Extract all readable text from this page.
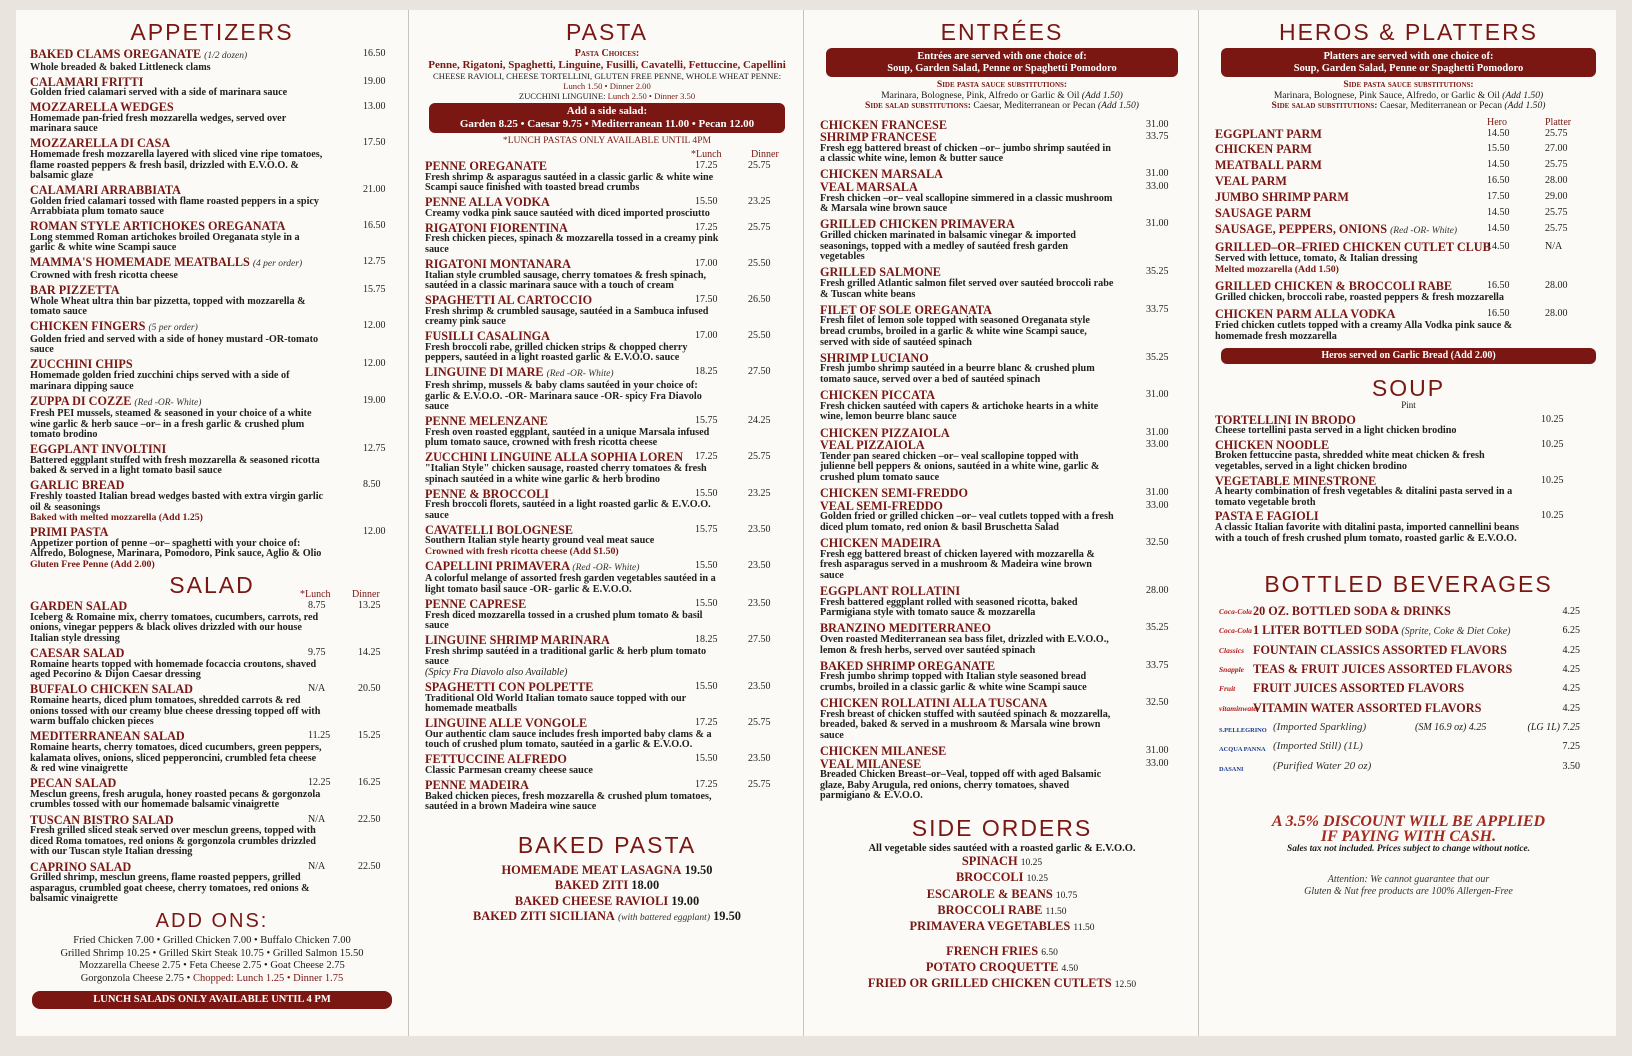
APPETIZERS
BAKED CLAMS OREGANATE (1/2 dozen)
Whole breaded & baked Littleneck clams
16.50
CALAMARI FRITTI
Golden fried calamari served with a side of marinara sauce
19.00
MOZZARELLA WEDGES
Homemade pan-fried fresh mozzarella wedges, served over marinara sauce
13.00
MOZZARELLA DI CASA
Homemade fresh mozzarella layered with sliced vine ripe tomatoes, flame roasted peppers & fresh basil, drizzled with E.V.O.O. & balsamic glaze
17.50
CALAMARI ARRABBIATA
Golden fried calamari tossed with flame roasted peppers in a spicy Arrabbiata plum tomato sauce
21.00
ROMAN STYLE ARTICHOKES OREGANATA
Long stemmed Roman artichokes broiled Oreganata style in a garlic & white wine Scampi sauce
16.50
MAMMA'S HOMEMADE MEATBALLS (4 per order)
Crowned with fresh ricotta cheese
12.75
BAR PIZZETTA
Whole Wheat ultra thin bar pizzetta, topped with mozzarella & tomato sauce
15.75
CHICKEN FINGERS (5 per order)
Golden fried and served with a side of honey mustard -OR-tomato sauce
12.00
ZUCCHINI CHIPS
Homemade golden fried zucchini chips served with a side of marinara dipping sauce
12.00
ZUPPA DI COZZE (Red -OR- White)
Fresh PEI mussels, steamed & seasoned in your choice of a white wine garlic & herb sauce –or– in a fresh garlic & crushed plum tomato brodino
19.00
EGGPLANT INVOLTINI
Battered eggplant stuffed with fresh mozzarella & seasoned ricotta baked & served in a light tomato basil sauce
12.75
GARLIC BREAD
Freshly toasted Italian bread wedges basted with extra virgin garlic oil & seasonings
Baked with melted mozzarella (Add 1.25)
8.50
PRIMI PASTA
Appetizer portion of penne –or– spaghetti with your choice of: Alfredo, Bolognese, Marinara, Pomodoro, Pink sauce, Aglio & Olio
Gluten Free Penne (Add 2.00)
12.00
SALAD	*Lunch Dinner
GARDEN SALAD
Iceberg & Romaine mix, cherry tomatoes, cucumbers, carrots, red onions, vinegar peppers & black olives drizzled with our house Italian style dressing
8.75	13.25
CAESAR SALAD
Romaine hearts topped with homemade focaccia croutons, shaved aged Pecorino & Dijon Caesar dressing
9.75	14.25
BUFFALO CHICKEN SALAD
Romaine hearts, diced plum tomatoes, shredded carrots & red onions tossed with our creamy blue cheese dressing topped off with warm buffalo chicken pieces
N/A	20.50
MEDITERRANEAN SALAD
Romaine hearts, cherry tomatoes, diced cucumbers, green peppers, kalamata olives, onions, sliced pepperoncini, crumbled feta cheese & red wine vinaigrette
11.25	15.25
PECAN SALAD
Mesclun greens, fresh arugula, honey roasted pecans & gorgonzola crumbles tossed with our homemade balsamic vinaigrette
12.25	16.25
TUSCAN BISTRO SALAD
Fresh grilled sliced steak served over mesclun greens, topped with diced Roma tomatoes, red onions & gorgonzola crumbles drizzled with our Tuscan style Italian dressing
N/A	22.50
CAPRINO SALAD
Grilled shrimp, mesclun greens, flame roasted peppers, grilled asparagus, crumbled goat cheese, cherry tomatoes, red onions & balsamic vinaigrette
N/A	22.50
ADD ONS:
Fried Chicken 7.00 • Grilled Chicken 7.00 • Buffalo Chicken 7.00
Grilled Shrimp 10.25 • Grilled Skirt Steak 10.75 • Grilled Salmon 15.50
Mozzarella Cheese 2.75 • Feta Cheese 2.75 • Goat Cheese 2.75
Gorgonzola Cheese 2.75 • Chopped: Lunch 1.25 • Dinner 1.75
LUNCH SALADS ONLY AVAILABLE UNTIL 4 PM
PASTA
Pasta Choices:
Penne, Rigatoni, Spaghetti, Linguine, Fusilli, Cavatelli, Fettuccine, Capellini
CHEESE RAVIOLI, CHEESE TORTELLINI, GLUTEN FREE PENNE, WHOLE WHEAT PENNE:
Lunch 1.50 • Dinner 2.00
ZUCCHINI LINGUINE: Lunch 2.50 • Dinner 3.50
Add a side salad:
Garden 8.25 • Caesar 9.75 • Mediterranean 11.00 • Pecan 12.00
*LUNCH PASTAS ONLY AVAILABLE UNTIL 4PM
*Lunch	Dinner
PENNE OREGANATE
Fresh shrimp & asparagus sautéed in a classic garlic & white wine Scampi sauce finished with toasted bread crumbs
17.25	25.75
PENNE ALLA VODKA
Creamy vodka pink sauce sautéed with diced imported prosciutto
15.50	23.25
RIGATONI FIORENTINA
Fresh chicken pieces, spinach & mozzarella tossed in a creamy pink sauce
17.25	25.75
RIGATONI MONTANARA
Italian style crumbled sausage, cherry tomatoes & fresh spinach, sautéed in a classic marinara sauce with a touch of cream
17.00	25.50
SPAGHETTI AL CARTOCCIO
Fresh shrimp & crumbled sausage, sautéed in a Sambuca infused creamy pink sauce
17.50	26.50
FUSILLI CASALINGA
Fresh broccoli rabe, grilled chicken strips & chopped cherry peppers, sautéed in a light roasted garlic & E.V.O.O. sauce
17.00	25.50
LINGUINE DI MARE (Red -OR- White)
Fresh shrimp, mussels & baby clams sautéed in your choice of: garlic & E.V.O.O. -OR- Marinara sauce -OR- spicy Fra Diavolo sauce
18.25	27.50
PENNE MELENZANE
Fresh oven roasted eggplant, sautéed in a unique Marsala infused plum tomato sauce, crowned with fresh ricotta cheese
15.75	24.25
ZUCCHINI LINGUINE ALLA SOPHIA LOREN
"Italian Style" chicken sausage, roasted cherry tomatoes & fresh spinach sautéed in a white wine garlic & herb brodino
17.25	25.75
PENNE & BROCCOLI
Fresh broccoli florets, sautéed in a light roasted garlic & E.V.O.O. sauce
15.50	23.25
CAVATELLI BOLOGNESE
Southern Italian style hearty ground veal meat sauce
Crowned with fresh ricotta cheese (Add $1.50)
15.75	23.50
CAPELLINI PRIMAVERA (Red -OR- White)
A colorful melange of assorted fresh garden vegetables sautéed in a light tomato basil sauce -OR- garlic & E.V.O.O.
15.50	23.50
PENNE CAPRESE
Fresh diced mozzarella tossed in a crushed plum tomato & basil sauce
15.50	23.50
LINGUINE SHRIMP MARINARA
Fresh shrimp sautéed in a traditional garlic & herb plum tomato sauce
(Spicy Fra Diavolo also Available)
18.25	27.50
SPAGHETTI CON POLPETTE
Traditional Old World Italian tomato sauce topped with our homemade meatballs
15.50	23.50
LINGUINE ALLE VONGOLE
Our authentic clam sauce includes fresh imported baby clams & a touch of crushed plum tomato, sautéed in a garlic & E.V.O.O.
17.25	25.75
FETTUCCINE ALFREDO
Classic Parmesan creamy cheese sauce
15.50	23.50
PENNE MADEIRA
Baked chicken pieces, fresh mozzarella & crushed plum tomatoes, sautéed in a brown Madeira wine sauce
17.25	25.75
BAKED PASTA
HOMEMADE MEAT LASAGNA 19.50
BAKED ZITI 18.00
BAKED CHEESE RAVIOLI 19.00
BAKED ZITI SICILIANA (with battered eggplant) 19.50
ENTRÉES
Entrées are served with one choice of:
Soup, Garden Salad, Penne or Spaghetti Pomodoro
Side pasta sauce substitutions:
Marinara, Bolognese, Pink, Alfredo or Garlic & Oil (Add 1.50)
Side salad substitutions: Caesar, Mediterranean or Pecan (Add 1.50)
CHICKEN FRANCESE	31.00
SHRIMP FRANCESE
Fresh egg battered breast of chicken –or– jumbo shrimp sautéed in a classic white wine, lemon & butter sauce
33.75
CHICKEN MARSALA	31.00
VEAL MARSALA
Fresh chicken –or– veal scallopine simmered in a classic mushroom & Marsala wine brown sauce
33.00
GRILLED CHICKEN PRIMAVERA
Grilled chicken marinated in balsamic vinegar & imported seasonings, topped with a medley of sautéed fresh garden vegetables
31.00
GRILLED SALMONE
Fresh grilled Atlantic salmon filet served over sautéed broccoli rabe & Tuscan white beans
35.25
FILET OF SOLE OREGANATA
Fresh filet of lemon sole topped with seasoned Oreganata style bread crumbs, broiled in a garlic & white wine Scampi sauce, served with side of sautéed spinach
33.75
SHRIMP LUCIANO
Fresh jumbo shrimp sautéed in a beurre blanc & crushed plum tomato sauce, served over a bed of sautéed spinach
35.25
CHICKEN PICCATA
Fresh chicken sautéed with capers & artichoke hearts in a white wine, lemon beurre blanc sauce
31.00
CHICKEN PIZZAIOLA	31.00
VEAL PIZZAIOLA
Tender pan seared chicken –or– veal scallopine topped with julienne bell peppers & onions, sautéed in a white wine, garlic & crushed plum tomato sauce
33.00
CHICKEN SEMI-FREDDO	31.00
VEAL SEMI-FREDDO
Golden fried or grilled chicken –or– veal cutlets topped with a fresh diced plum tomato, red onion & basil Bruschetta Salad
33.00
CHICKEN MADEIRA
Fresh egg battered breast of chicken layered with mozzarella & fresh asparagus served in a mushroom & Madeira wine brown sauce
32.50
EGGPLANT ROLLATINI
Fresh battered eggplant rolled with seasoned ricotta, baked Parmigiana style with tomato sauce & mozzarella
28.00
BRANZINO MEDITERRANEO
Oven roasted Mediterranean sea bass filet, drizzled with E.V.O.O., lemon & fresh herbs, served over sautéed spinach
35.25
BAKED SHRIMP OREGANATE
Fresh jumbo shrimp topped with Italian style seasoned bread crumbs, broiled in a classic garlic & white wine Scampi sauce
33.75
CHICKEN ROLLATINI ALLA TUSCANA
Fresh breast of chicken stuffed with sautéed spinach & mozzarella, breaded, baked & served in a mushroom & Marsala wine brown sauce
32.50
CHICKEN MILANESE	31.00
VEAL MILANESE
Breaded Chicken Breast–or–Veal, topped off with aged Balsamic glaze, Baby Arugula, red onions, cherry tomatoes, shaved parmigiano & E.V.O.O.
33.00
SIDE ORDERS
All vegetable sides sautéed with a roasted garlic & E.V.O.O.
SPINACH 10.25
BROCCOLI 10.25
ESCAROLE & BEANS 10.75
BROCCOLI RABE 11.50
PRIMAVERA VEGETABLES 11.50
FRENCH FRIES 6.50
POTATO CROQUETTE 4.50
FRIED OR GRILLED CHICKEN CUTLETS 12.50
HEROS & PLATTERS
Platters are served with one choice of:
Soup, Garden Salad, Penne or Spaghetti Pomodoro
Side pasta sauce substitutions:
Marinara, Bolognese, Pink Sauce, Alfredo, or Garlic & Oil (Add 1.50)
Side salad substitutions: Caesar, Mediterranean or Pecan (Add 1.50)
Hero	Platter
EGGPLANT PARM	14.50	25.75
CHICKEN PARM	15.50	27.00
MEATBALL PARM	14.50	25.75
VEAL PARM	16.50	28.00
JUMBO SHRIMP PARM	17.50	29.00
SAUSAGE PARM	14.50	25.75
SAUSAGE, PEPPERS, ONIONS (Red -OR- White)	14.50	25.75
GRILLED–OR–FRIED CHICKEN CUTLET CLUB
Served with lettuce, tomato, & Italian dressing
Melted mozzarella (Add 1.50)
14.50	N/A
GRILLED CHICKEN & BROCCOLI RABE
Grilled chicken, broccoli rabe, roasted peppers & fresh mozzarella
16.50	28.00
CHICKEN PARM ALLA VODKA
Fried chicken cutlets topped with a creamy Alla Vodka pink sauce & homemade fresh mozzarella
16.50	28.00
Heros served on Garlic Bread (Add 2.00)
SOUP
Pint
TORTELLINI IN BRODO
Cheese tortellini pasta served in a light chicken brodino
10.25
CHICKEN NOODLE
Broken fettuccine pasta, shredded white meat chicken & fresh vegetables, served in a light chicken brodino
10.25
VEGETABLE MINESTRONE
A hearty combination of fresh vegetables & ditalini pasta served in a tomato vegetable broth
10.25
PASTA E FAGIOLI
A classic Italian favorite with ditalini pasta, imported cannellini beans with a touch of fresh crushed plum tomato, roasted garlic & E.V.O.O.
10.25
BOTTLED BEVERAGES
Coca-Cola 20 OZ. BOTTLED SODA & DRINKS	4.25
Coca-Cola 1 LITER BOTTLED SODA (Sprite, Coke & Diet Coke)	6.25
Classics FOUNTAIN CLASSICS ASSORTED FLAVORS	4.25
Snapple TEAS & FRUIT JUICES ASSORTED FLAVORS	4.25
Fruit	FRUIT JUICES ASSORTED FLAVORS	4.25
vitaminwater
VITAMIN WATER ASSORTED FLAVORS	4.25
S.PELLEGRINO (Imported Sparkling)	(SM 16.9 oz) 4.25	(LG 1L) 7.25
ACQUA PANNA (Imported Still) (1L)	7.25
DASANI	(Purified Water 20 oz)	3.50
A 3.5% DISCOUNT WILL BE APPLIED
IF PAYING WITH CASH.
Sales tax not included. Prices subject to change without notice.
Attention: We cannot guarantee that our
Gluten & Nut free products are 100% Allergen-Free
